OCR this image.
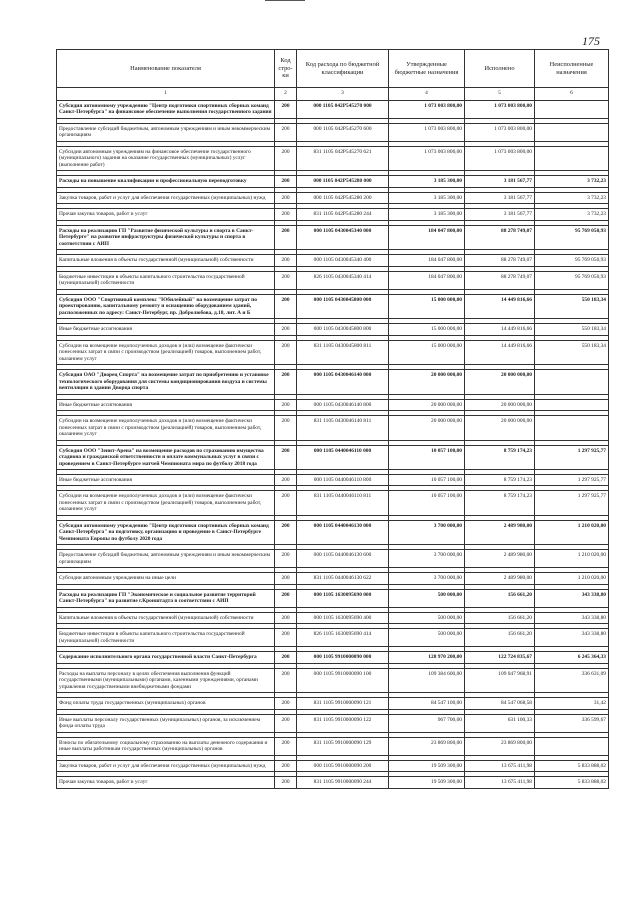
175
Наименование показателя	Код стро-ки	Код расхода по бюджетной классификации	Утвержденные бюджетные назначения	Исполнено	Неисполненные назначения
1	2	3	4	5	6
Субсидия автономному учреждению "Центр подготовки спортивных сборных команд Санкт-Петербурга" на финансовое обеспечение выполнения государственного задания	200	000 1105 042Р545270 000	1 073 003 800,00	1 073 003 800,00	

Предоставление субсидий бюджетным, автономным учреждениям и иным некоммерческим организациям	200	000 1105 042Р545270 600	1 073 003 800,00	1 073 003 800,00	

Субсидии автономным учреждениям на финансовое обеспечение государственного (муниципального) задания на оказание государственных (муниципальных) услуг (выполнение работ)	200	831 1105 042Р545270 621	1 073 003 800,00	1 073 003 800,00	

Расходы на повышение квалификации и профессиональную переподготовку	200	000 1105 042Р545280 000	3 185 300,00	3 181 567,77	3 732,23

Закупка товаров, работ и услуг для обеспечения государственных (муниципальных) нужд	200	000 1105 042Р545280 200	3 185 300,00	3 181 567,77	3 732,23

Прочая закупка товаров, работ и услуг	200	831 1105 042Р545280 244	3 185 300,00	3 181 567,77	3 732,23

Расходы на реализацию ГП "Развитие физической культуры и спорта в Санкт-Петербурге" на развитие инфраструктуры физической культуры и спорта в соответствии с АИП	200	000 1105 0430045340 000	184 047 800,00	88 278 749,07	95 769 050,93

Капитальные вложения в объекты государственной (муниципальной) собственности	200	000 1105 0430045340 400	184 047 800,00	88 278 749,07	95 769 050,93

Бюджетные инвестиции в объекты капитального строительства государственной (муниципальной) собственности	200	826 1105 0430045340 414	184 047 800,00	88 278 749,07	95 769 050,93

Субсидия ООО "Спортивный комплекс "Юбилейный" на возмещение затрат по проектированию, капитальному ремонту и оснащению оборудованием зданий, расположенных по адресу: Санкт-Петербург, пр. Добролюбова, д.18, лит. А и Б	200	000 1105 0430045800 000	15 000 000,00	14 449 816,66	550 183,34

Иные бюджетные ассигнования	200	000 1105 0430045800 800	15 000 000,00	14 449 816,66	550 183,34

Субсидии на возмещение недополученных доходов и (или) возмещение фактически понесенных затрат в связи с производством (реализацией) товаров, выполнением работ, оказанием услуг	200	831 1105 0430045800 811	15 000 000,00	14 449 816,66	550 183,34

Субсидия ОАО "Дворец Спорта" на возмещение затрат по приобретению и установке технологического оборудования для системы кондиционирования воздуха и системы вентиляции в здании Дворца спорта	200	000 1105 0430046140 000	20 000 000,00	20 000 000,00	

Иные бюджетные ассигнования	200	000 1105 0430046140 800	20 000 000,00	20 000 000,00	

Субсидии на возмещение недополученных доходов и (или) возмещение фактически понесенных затрат в связи с производством (реализацией) товаров, выполнением работ, оказанием услуг	200	831 1105 0430046140 811	20 000 000,00	20 000 000,00	

Субсидия ООО "Зенит-Арена" на возмещение расходов по страхованию имущества стадиона и гражданской ответственности и оплате коммунальных услуг в связи с проведением в Санкт-Петербурге матчей Чемпионата мира по футболу 2018 года	200	000 1105 0440046110 000	10 057 100,00	8 759 174,23	1 297 925,77

Иные бюджетные ассигнования	200	000 1105 0440046110 800	10 057 100,00	8 759 174,23	1 297 925,77

Субсидии на возмещение недополученных доходов и (или) возмещение фактически понесенных затрат в связи с производством (реализацией) товаров, выполнением работ, оказанием услуг	200	831 1105 0440046110 811	10 057 100,00	8 759 174,23	1 297 925,77

Субсидия автономному учреждению "Центр подготовки спортивных сборных команд Санкт-Петербурга" на подготовку, организацию и проведение в Санкт-Петербурге Чемпионата Европы по футболу 2020 года	200	000 1105 0440046130 000	3 700 000,00	2 489 980,00	1 210 020,00

Предоставление субсидий бюджетным, автономным учреждениям и иным некоммерческим организациям	200	000 1105 0440046130 600	3 700 000,00	2 489 980,00	1 210 020,00

Субсидии автономным учреждениям на иные цели	200	831 1105 0440046130 622	3 700 000,00	2 489 980,00	1 210 020,00

Расходы на реализацию ГП "Экономическое и социальное развитие территорий Санкт-Петербурга" на развитие г.Кронштадта в соответствии с АИП	200	000 1105 1630095690 000	500 000,00	156 661,20	343 338,80

Капитальные вложения в объекты государственной (муниципальной) собственности	200	000 1105 1630095690 400	500 000,00	156 661,20	343 338,80

Бюджетные инвестиции в объекты капитального строительства государственной (муниципальной) собственности	200	826 1105 1630095690 414	500 000,00	156 661,20	343 338,80

Содержание исполнительного органа государственной власти Санкт-Петербурга	200	000 1105 9910000090 000	128 970 200,00	122 724 835,67	6 245 364,33

Расходы на выплаты персоналу в целях обеспечения выполнения функций государственными (муниципальными) органами, казенными учреждениями, органами управления государственными внебюджетными фондами	200	000 1105 9910000090 100	109 384 600,00	109 047 968,91	336 631,09

Фонд оплаты труда государственных (муниципальных) органов	200	831 1105 9910000090 121	84 547 100,00	84 547 068,58	31,42

Иные выплаты персоналу государственных (муниципальных) органов, за исключением фонда оплаты труда	200	831 1105 9910000090 122	967 700,00	631 100,33	336 599,67

Взносы по обязательному социальному страхованию на выплаты денежного содержания и иные выплаты работникам государственных (муниципальных) органов	200	831 1105 9910000090 129	23 869 800,00	23 869 800,00	

Закупка товаров, работ и услуг для обеспечения государственных (муниципальных) нужд	200	000 1105 9910000090 200	19 509 300,00	13 675 411,98	5 833 888,02

Прочая закупка товаров, работ и услуг	200	831 1105 9910000090 244	19 509 300,00	13 675 411,98	5 833 888,02
